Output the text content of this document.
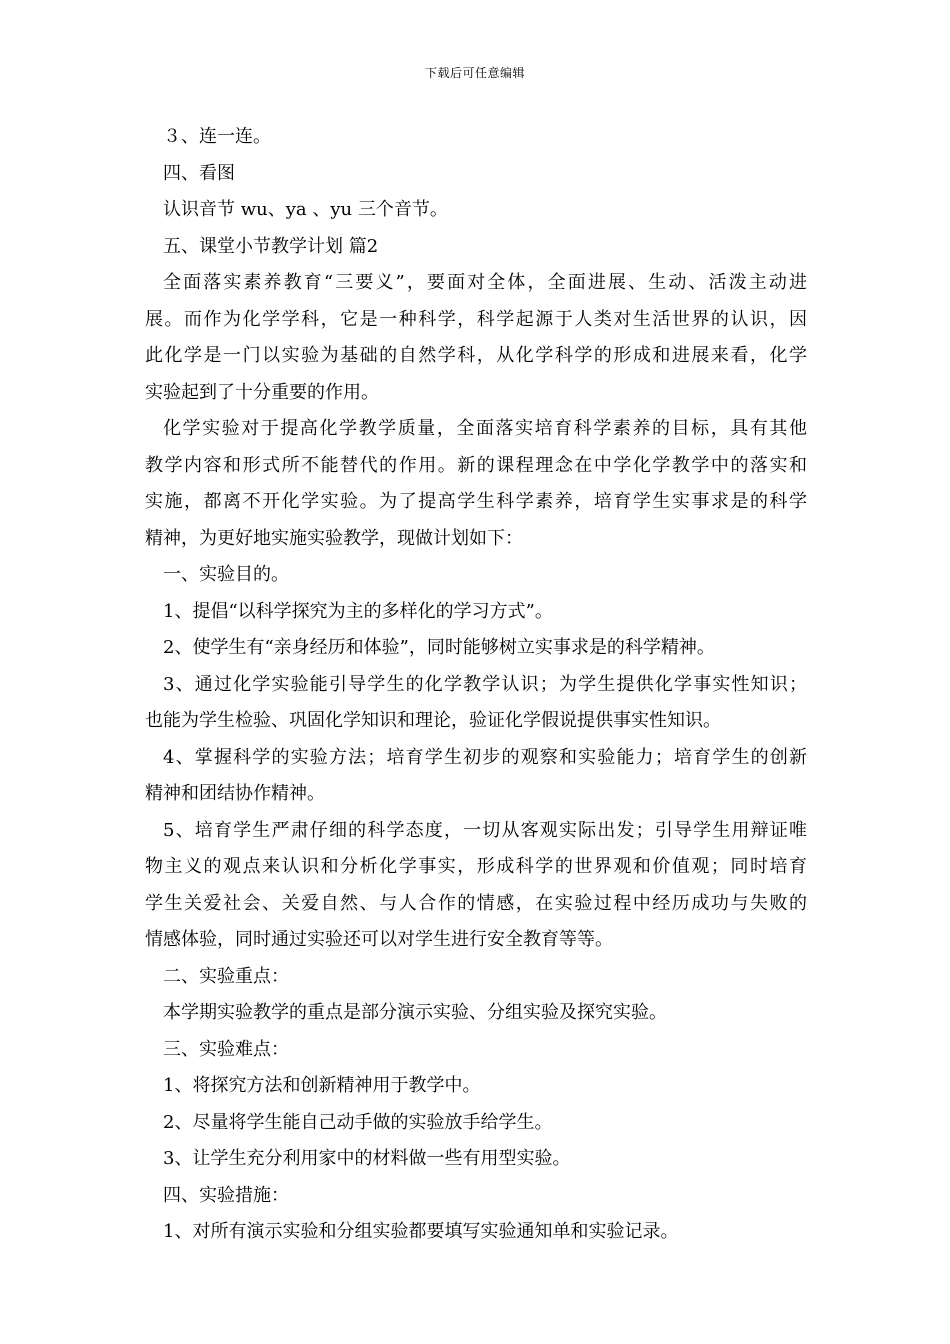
下载后可任意编辑
３、连一连。
四、看图
认识音节 wu、ya 、yu 三个音节。
五、课堂小节教学计划 篇2
全面落实素养教育“三要义”，要面对全体，全面进展、生动、活泼主动进
展。而作为化学学科，它是一种科学，科学起源于人类对生活世界的认识，因
此化学是一门以实验为基础的自然学科，从化学科学的形成和进展来看，化学
实验起到了十分重要的作用。
化学实验对于提高化学教学质量，全面落实培育科学素养的目标，具有其他
教学内容和形式所不能替代的作用。新的课程理念在中学化学教学中的落实和
实施，都离不开化学实验。为了提高学生科学素养，培育学生实事求是的科学
精神，为更好地实施实验教学，现做计划如下：
一、实验目的。
1、提倡“以科学探究为主的多样化的学习方式”。
2、使学生有“亲身经历和体验”，同时能够树立实事求是的科学精神。
3、通过化学实验能引导学生的化学教学认识；为学生提供化学事实性知识；
也能为学生检验、巩固化学知识和理论，验证化学假说提供事实性知识。
4、掌握科学的实验方法；培育学生初步的观察和实验能力；培育学生的创新
精神和团结协作精神。
5、培育学生严肃仔细的科学态度，一切从客观实际出发；引导学生用辩证唯
物主义的观点来认识和分析化学事实，形成科学的世界观和价值观；同时培育
学生关爱社会、关爱自然、与人合作的情感，在实验过程中经历成功与失败的
情感体验，同时通过实验还可以对学生进行安全教育等等。
二、实验重点：
本学期实验教学的重点是部分演示实验、分组实验及探究实验。
三、实验难点：
1、将探究方法和创新精神用于教学中。
2、尽量将学生能自己动手做的实验放手给学生。
3、让学生充分利用家中的材料做一些有用型实验。
四、实验措施：
1、对所有演示实验和分组实验都要填写实验通知单和实验记录。
